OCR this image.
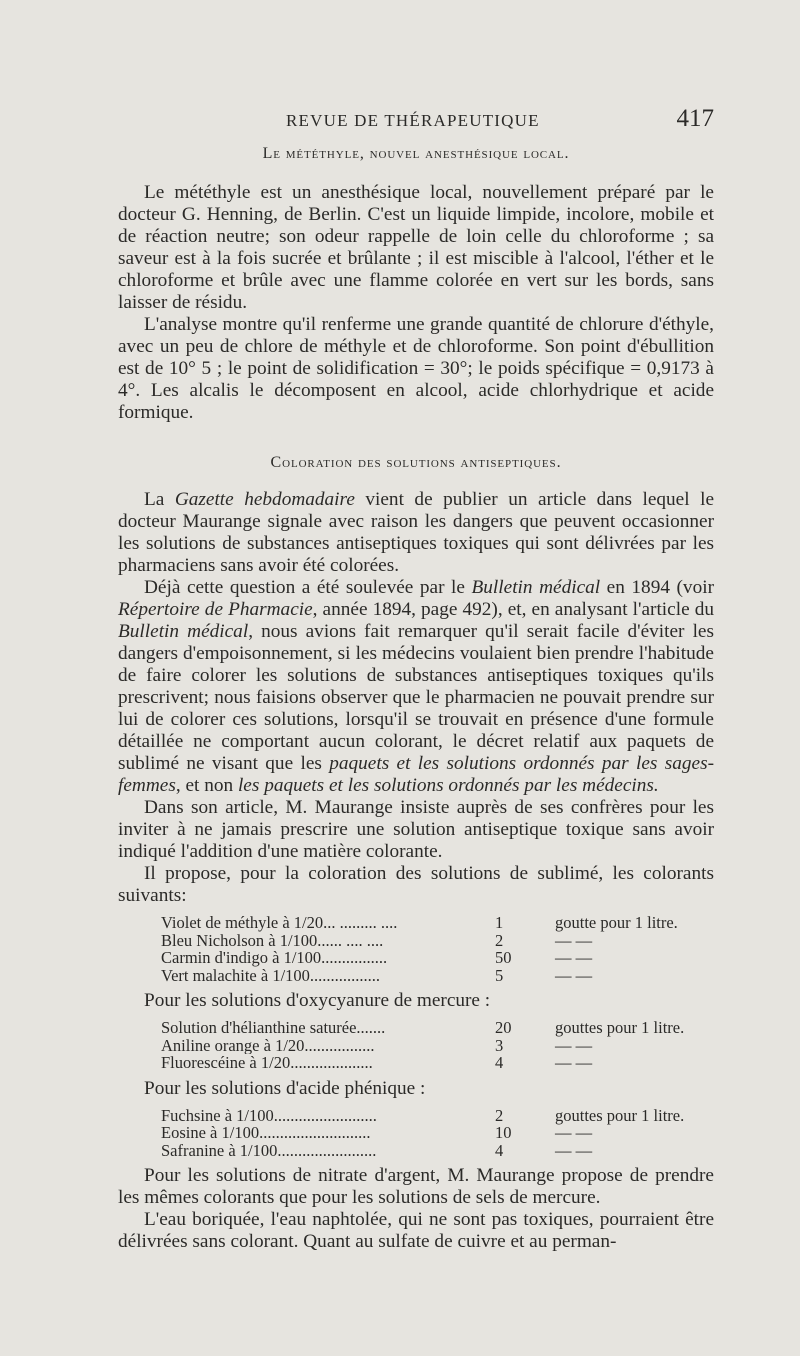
REVUE DE THÉRAPEUTIQUE	417
Le météthyle, nouvel anesthésique local.

Le météthyle est un anesthésique local, nouvellement préparé par le docteur G. Henning, de Berlin. C'est un liquide limpide, incolore, mobile et de réaction neutre; son odeur rappelle de loin celle du chloroforme ; sa saveur est à la fois sucrée et brûlante ; il est miscible à l'alcool, l'éther et le chloroforme et brûle avec une flamme colorée en vert sur les bords, sans laisser de résidu.

L'analyse montre qu'il renferme une grande quantité de chlorure d'éthyle, avec un peu de chlore de méthyle et de chloroforme. Son point d'ébullition est de 10° 5 ; le point de solidification = 30°; le poids spécifique = 0,9173 à 4°. Les alcalis le décomposent en alcool, acide chlorhydrique et acide formique.

Coloration des solutions antiseptiques.

La Gazette hebdomadaire vient de publier un article dans lequel le docteur Maurange signale avec raison les dangers que peuvent occasionner les solutions de substances antiseptiques toxiques qui sont délivrées par les pharmaciens sans avoir été colorées.

Déjà cette question a été soulevée par le Bulletin médical en 1894 (voir Répertoire de Pharmacie, année 1894, page 492), et, en analysant l'article du Bulletin médical, nous avions fait remarquer qu'il serait facile d'éviter les dangers d'empoisonnement, si les médecins voulaient bien prendre l'habitude de faire colorer les solutions de substances antiseptiques toxiques qu'ils prescrivent; nous faisions observer que le pharmacien ne pouvait prendre sur lui de colorer ces solutions, lorsqu'il se trouvait en présence d'une formule détaillée ne comportant aucun colorant, le décret relatif aux paquets de sublimé ne visant que les paquets et les solutions ordonnés par les sages-femmes, et non les paquets et les solutions ordonnés par les médecins.

Dans son article, M. Maurange insiste auprès de ses confrères pour les inviter à ne jamais prescrire une solution antiseptique toxique sans avoir indiqué l'addition d'une matière colorante.

Il propose, pour la coloration des solutions de sublimé, les colorants suivants:

Violet de méthyle à 1/20... ......... ....	1	goutte pour 1 litre.
Bleu Nicholson à 1/100...... .... ....	2	— —
Carmin d'indigo à 1/100................	50	— —
Vert malachite à 1/100.................	5	— —

Pour les solutions d'oxycyanure de mercure :

Solution d'hélianthine saturée.......	20	gouttes pour 1 litre.
Aniline orange à 1/20.................	3	— —
Fluorescéine à 1/20....................	4	— —

Pour les solutions d'acide phénique :

Fuchsine à 1/100.........................	2	gouttes pour 1 litre.
Eosine à 1/100...........................	10	— —
Safranine à 1/100........................	4	— —

Pour les solutions de nitrate d'argent, M. Maurange propose de prendre les mêmes colorants que pour les solutions de sels de mercure.

L'eau boriquée, l'eau naphtolée, qui ne sont pas toxiques, pourraient être délivrées sans colorant. Quant au sulfate de cuivre et au perman-
